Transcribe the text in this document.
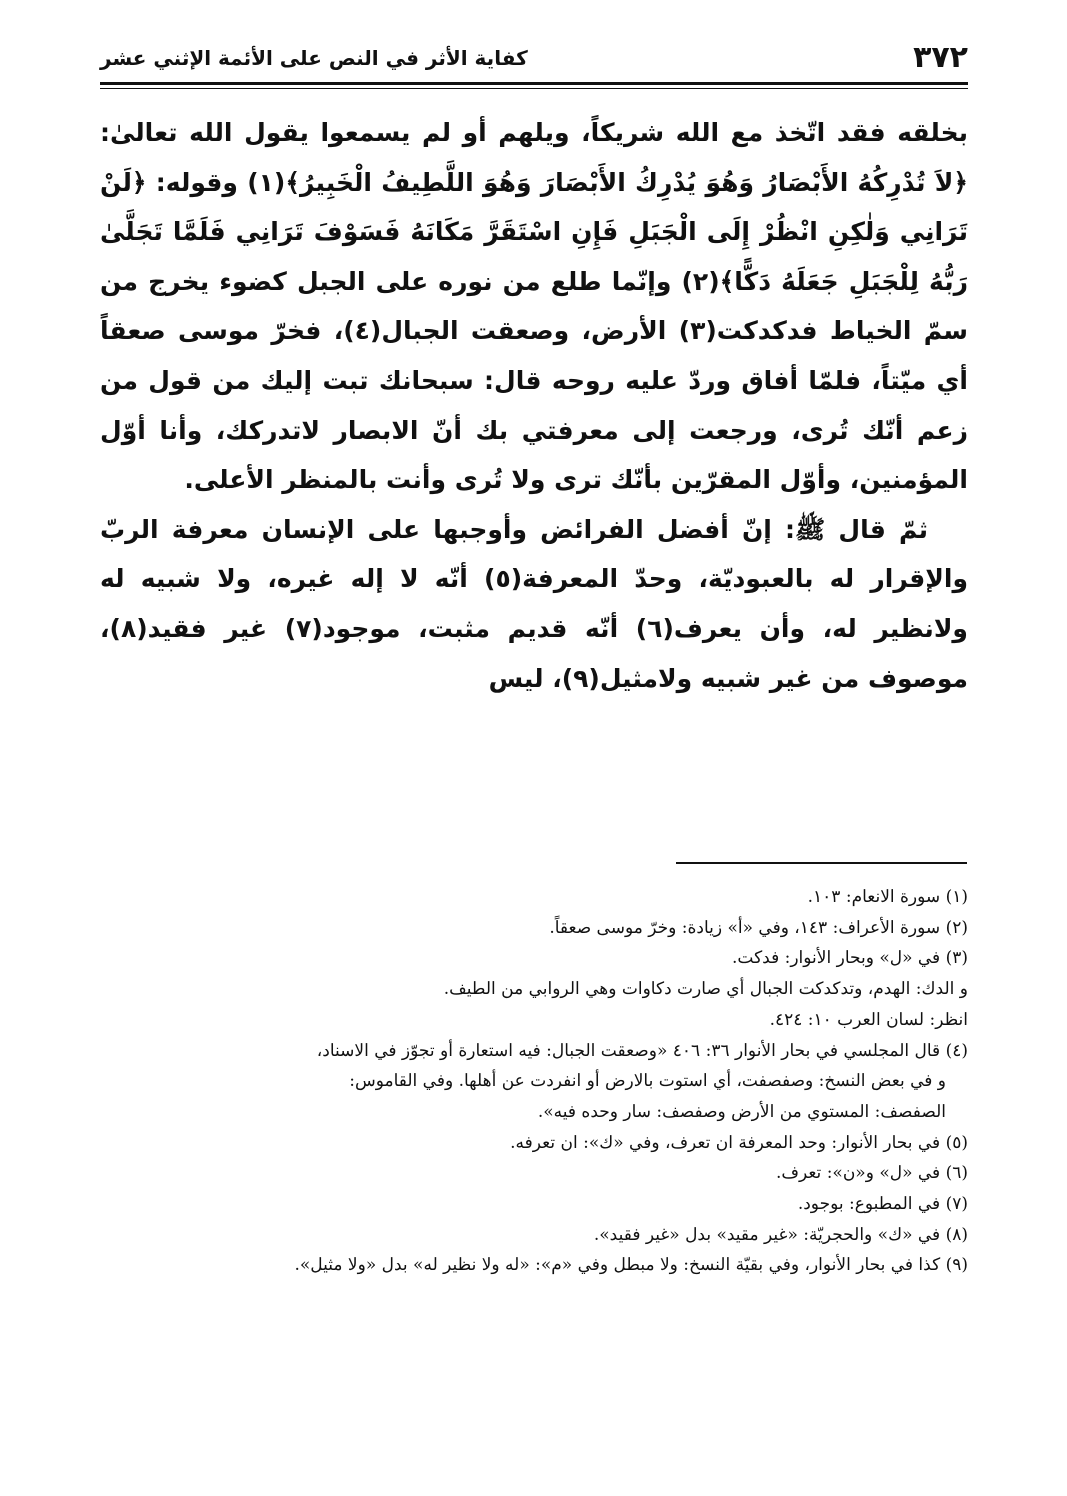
٣٧٢
كفاية الأثر في النص على الأئمة الإثني عشر

بخلقه فقد اتّخذ مع الله شريكاً، ويلهم أو لم يسمعوا يقول الله تعالىٰ: ﴿لاَ تُدْرِكُهُ الأَبْصَارُ وَهُوَ يُدْرِكُ الأَبْصَارَ وَهُوَ اللَّطِيفُ الْخَبِيرُ﴾(١) وقوله: ﴿لَنْ تَرَانِي وَلٰكِنِ انْظُرْ إِلَى الْجَبَلِ فَإِنِ اسْتَقَرَّ مَكَانَهُ فَسَوْفَ تَرَانِي فَلَمَّا تَجَلَّىٰ رَبُّهُ لِلْجَبَلِ جَعَلَهُ دَكًّا﴾(٢) وإنّما طلع من نوره على الجبل كضوء يخرج من سمّ الخياط فدكدكت(٣) الأرض، وصعقت الجبال(٤)، فخرّ موسى صعقاً أي ميّتاً، فلمّا أفاق وردّ عليه روحه قال: سبحانك تبت إليك من قول من زعم أنّك تُرى، ورجعت إلى معرفتي بك أنّ الابصار لاتدركك، وأنا أوّل المؤمنين، وأوّل المقرّين بأنّك ترى ولا تُرى وأنت بالمنظر الأعلى.

ثمّ قال ﷺ: إنّ أفضل الفرائض وأوجبها على الإنسان معرفة الربّ والإقرار له بالعبوديّة، وحدّ المعرفة(٥) أنّه لا إله غيره، ولا شبيه له ولانظير له، وأن يعرف(٦) أنّه قديم مثبت، موجود(٧) غير فقيد(٨)، موصوف من غير شبيه ولامثيل(٩)، ليس

(١) سورة الانعام: ١٠٣.

(٢) سورة الأعراف: ١٤٣، وفي «أ» زيادة: وخرّ موسى صعقاً.

(٣) في «ل» وبحار الأنوار: فدكت.

و الدك: الهدم، وتدكدكت الجبال أي صارت دكاوات وهي الروابي من الطيف.

انظر: لسان العرب ١٠: ٤٢٤.

(٤) قال المجلسي في بحار الأنوار ٣٦: ٤٠٦ «وصعقت الجبال: فيه استعارة أو تجوّز في الاسناد،

و في بعض النسخ: وصفصفت، أي استوت بالارض أو انفردت عن أهلها. وفي القاموس:

الصفصف: المستوي من الأرض وصفصف: سار وحده فيه».

(٥) في بحار الأنوار: وحد المعرفة ان تعرف، وفي «ك»: ان تعرفه.

(٦) في «ل» و«ن»: تعرف.

(٧) في المطبوع: بوجود.

(٨) في «ك» والحجريّة: «غير مقيد» بدل «غير فقيد».

(٩) كذا في بحار الأنوار، وفي بقيّة النسخ: ولا مبطل وفي «م»: «له ولا نظير له» بدل «ولا مثيل».
